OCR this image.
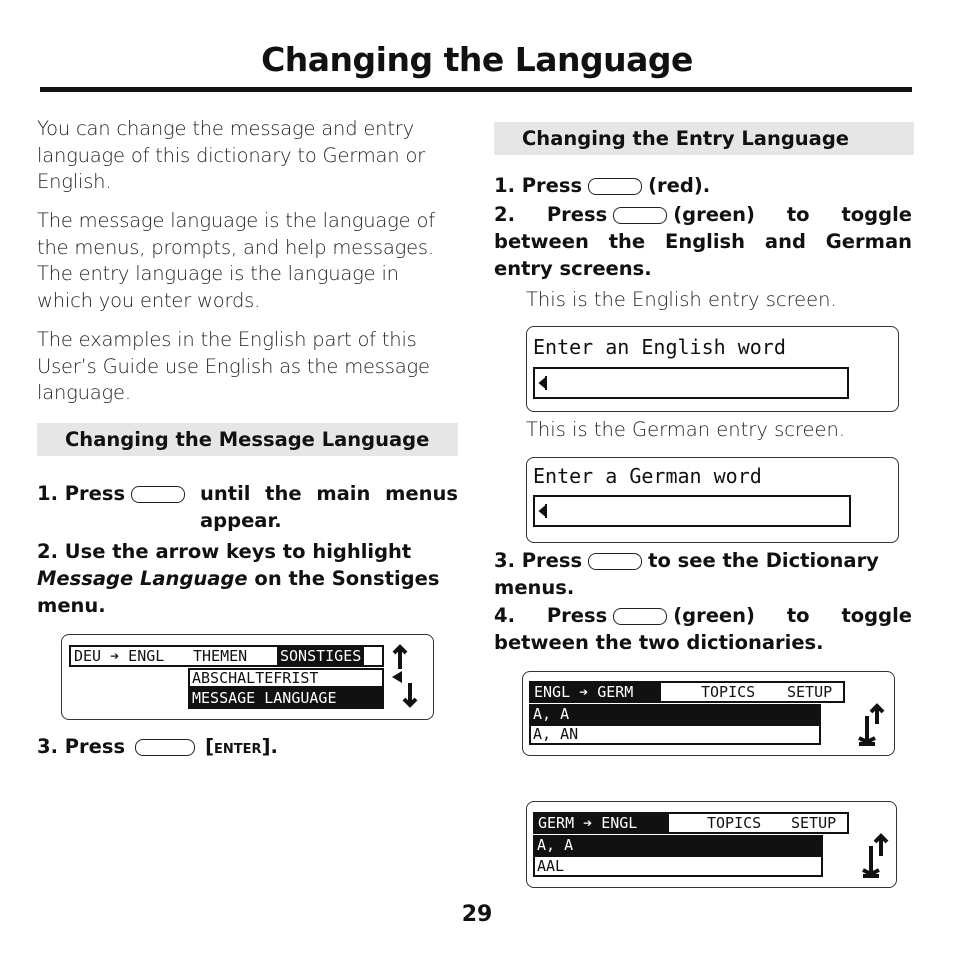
Changing the Language
You can change the message and entry language of this dictionary to German or English.
The message language is the language of the menus, prompts, and help messages. The entry language is the language in which you enter words.
The examples in the English part of this User’s Guide use English as the message language.
Changing the Message Language
1. Press	until the main menus appear.
2. Use the arrow keys to highlight Message Language on the Sonstiges menu.
DEU ➔ ENGL THEMEN SONSTIGES
ABSCHALTEFRIST
MESSAGE LANGUAGE
3. Press	[ENTER].
Changing the Entry Language
1. Press	(red).
2. Press	(green) to toggle between the English and German entry screens.
This is the English entry screen.
Enter an English word
This is the German entry screen.
Enter a German word
3. Press	to see the Dictionary menus.
4. Press	(green) to toggle between the two dictionaries.
ENGL ➔ GERM	TOPICS SETUP
A, A
A, AN
GERM ➔ ENGL	TOPICS SETUP
A, A
AAL
29
